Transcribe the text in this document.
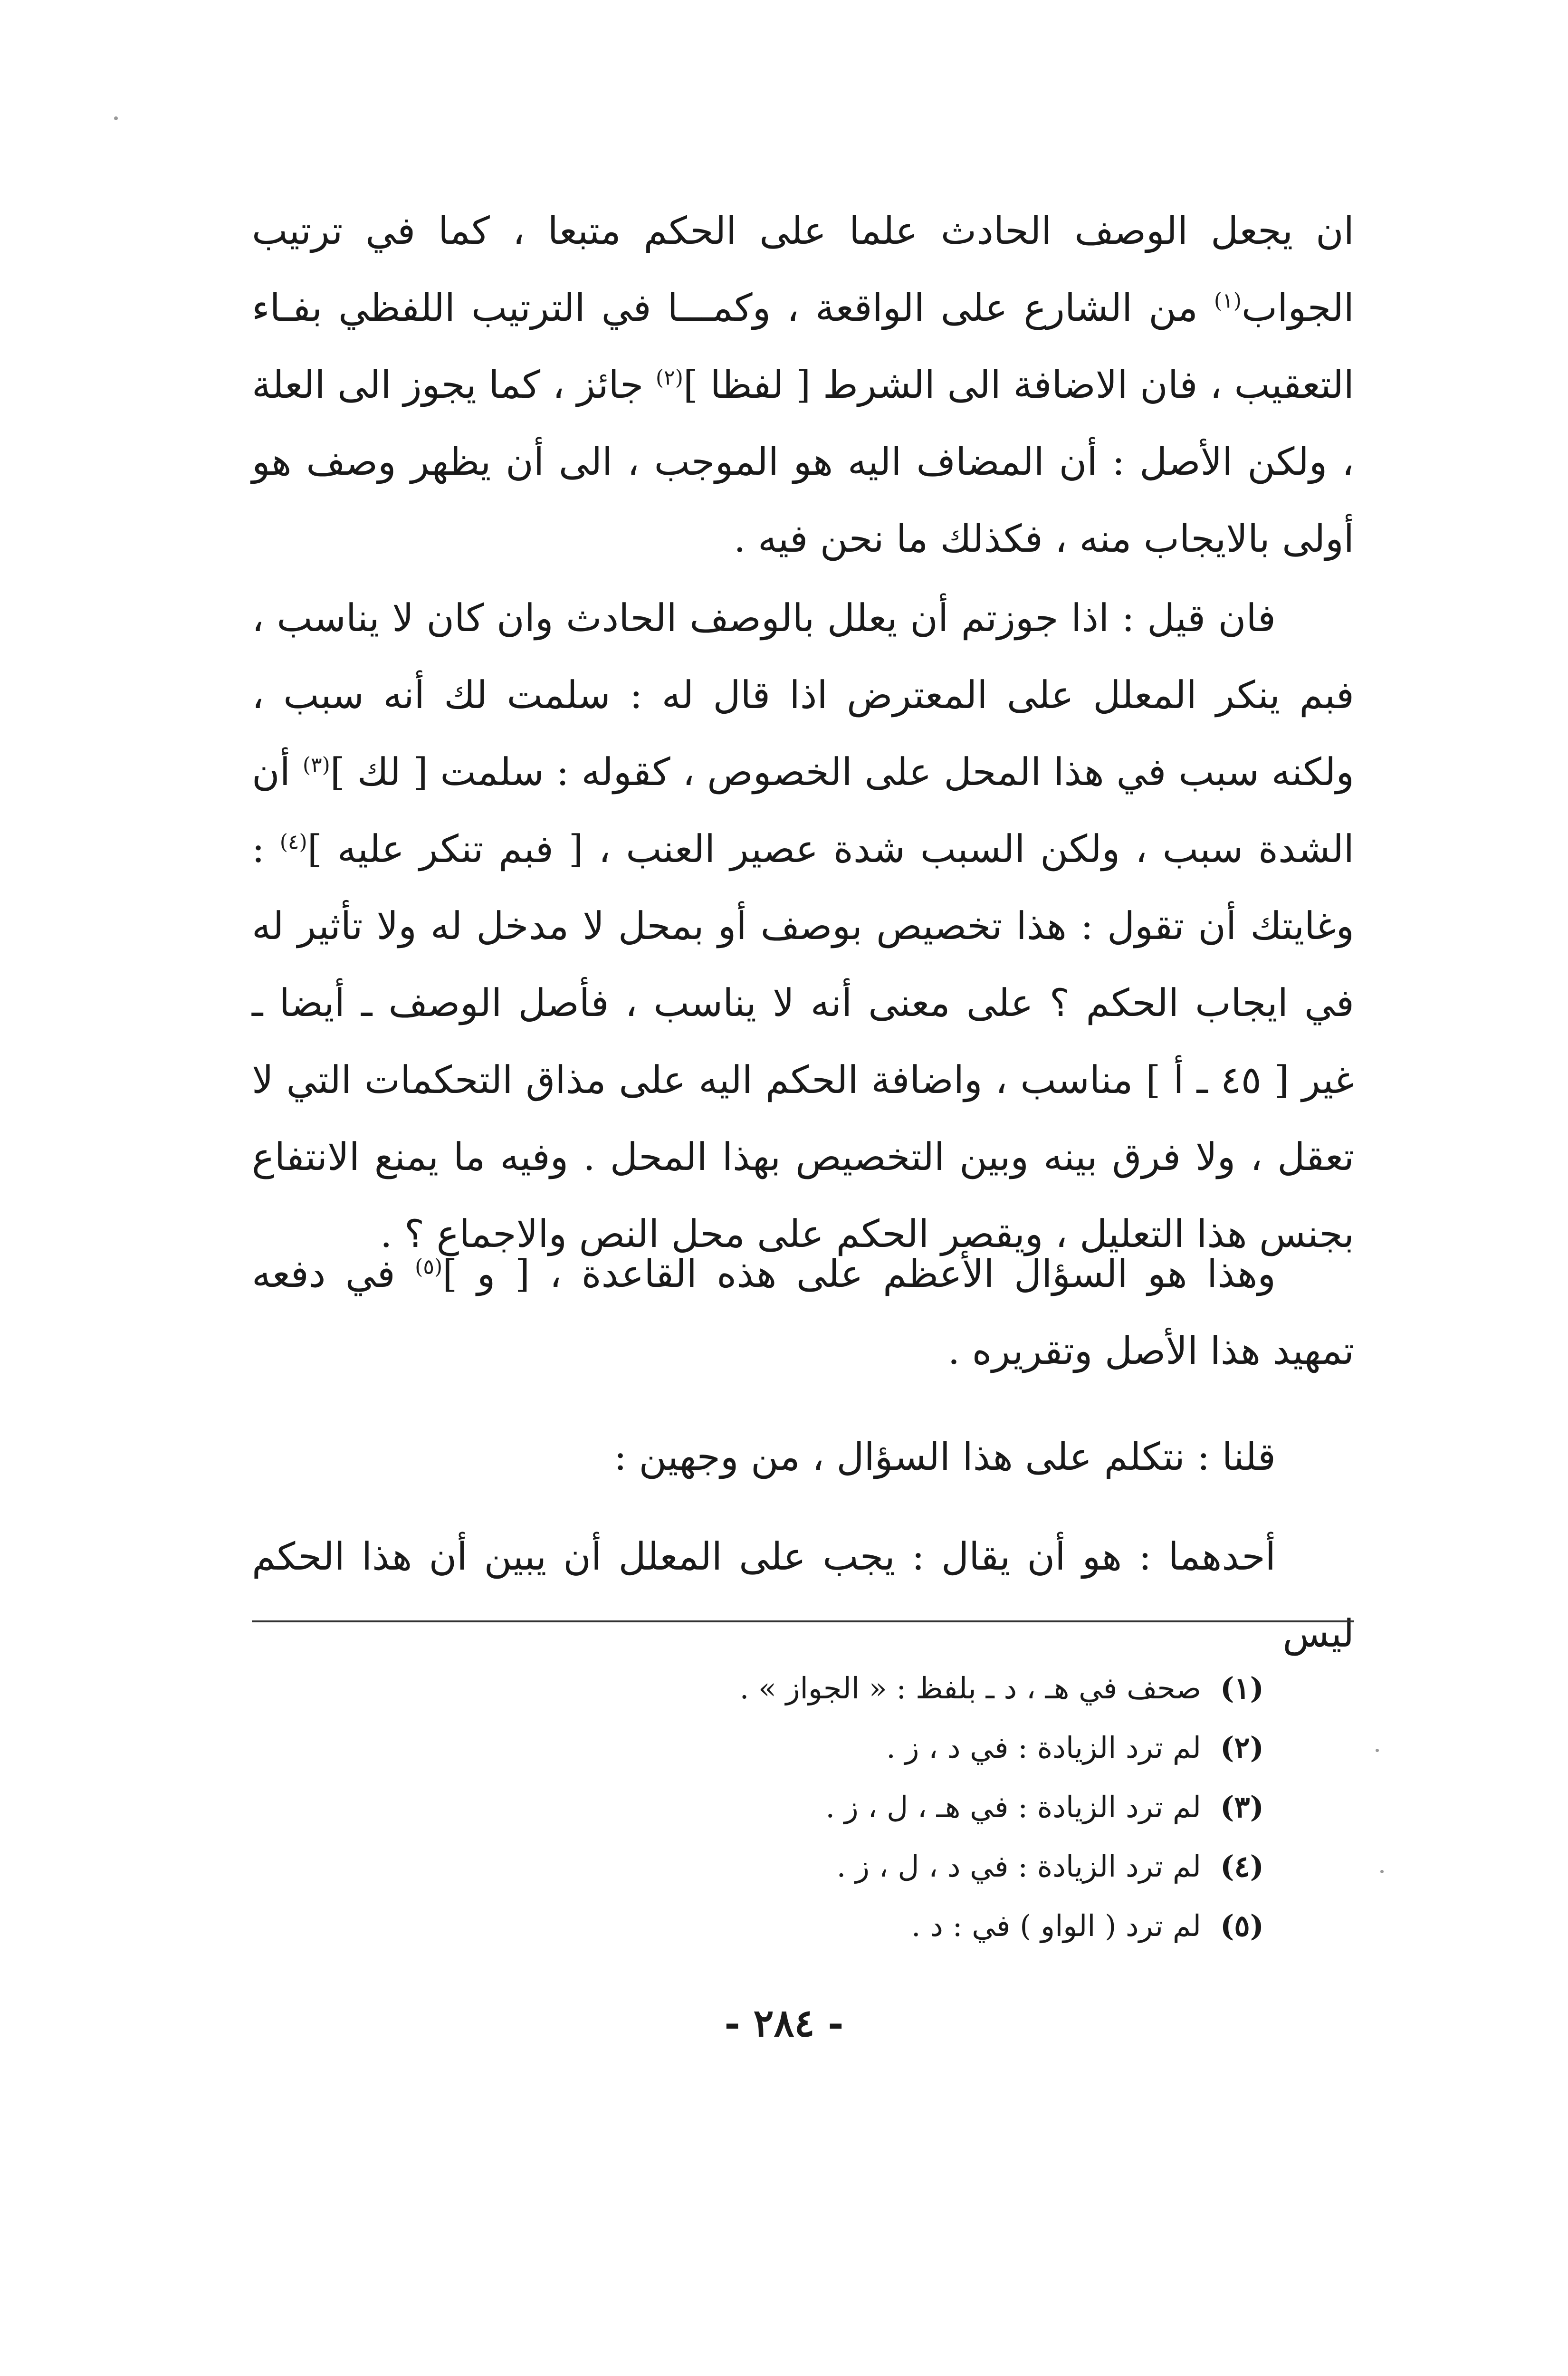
ان يجعل الوصف الحادث علما على الحكم متبعا ، كما في ترتيب الجواب$^{(١)}$ من الشارع على الواقعة ، وكمـــا في الترتيب اللفظي بفـاء التعقيب ، فان الاضافة الى الشرط [ لفظا ]$^{(٢)}$ جائز ، كما يجوز الى العلة ، ولكن الأصل : أن المضاف اليه هو الموجب ، الى أن يظهر وصف هو أولى بالايجاب منه ، فكذلك ما نحن فيه .

فان قيل : اذا جوزتم أن يعلل بالوصف الحادث وان كان لا يناسب ، فبم ينكر المعلل على المعترض اذا قال له : سلمت لك أنه سبب ، ولكنه سبب في هذا المحل على الخصوص ، كقوله : سلمت [ لك ]$^{(٣)}$ أن الشدة سبب ، ولكن السبب شدة عصير العنب ، [ فبم تنكر عليه ]$^{(٤)}$ : وغايتك أن تقول : هذا تخصيص بوصف أو بمحل لا مدخل له ولا تأثير له في ايجاب الحكم ؟ على معنى أنه لا يناسب ، فأصل الوصف ـ أيضا ـ غير [ ٤٥ ـ أ ] مناسب ، واضافة الحكم اليه على مذاق التحكمات التي لا تعقل ، ولا فرق بينه وبين التخصيص بهذا المحل . وفيه ما يمنع الانتفاع بجنس هذا التعليل ، ويقصر الحكم على محل النص والاجماع ؟ .

وهذا هو السؤال الأعظم على هذه القاعدة ، [ و ]$^{(٥)}$ في دفعه تمهيد هذا الأصل وتقريره .

قلنا : نتكلم على هذا السؤال ، من وجهين :

أحدهما : هو أن يقال : يجب على المعلل أن يبين أن هذا الحكم ليس

(١)صحف في هـ ، د ـ بلفظ : « الجواز » .
(٢)لم ترد الزيادة : في د ، ز .
(٣)لم ترد الزيادة : في هـ ، ل ، ز .
(٤)لم ترد الزيادة : في د ، ل ، ز .
(٥)لم ترد ( الواو ) في : د .
- ٢٨٤ -
